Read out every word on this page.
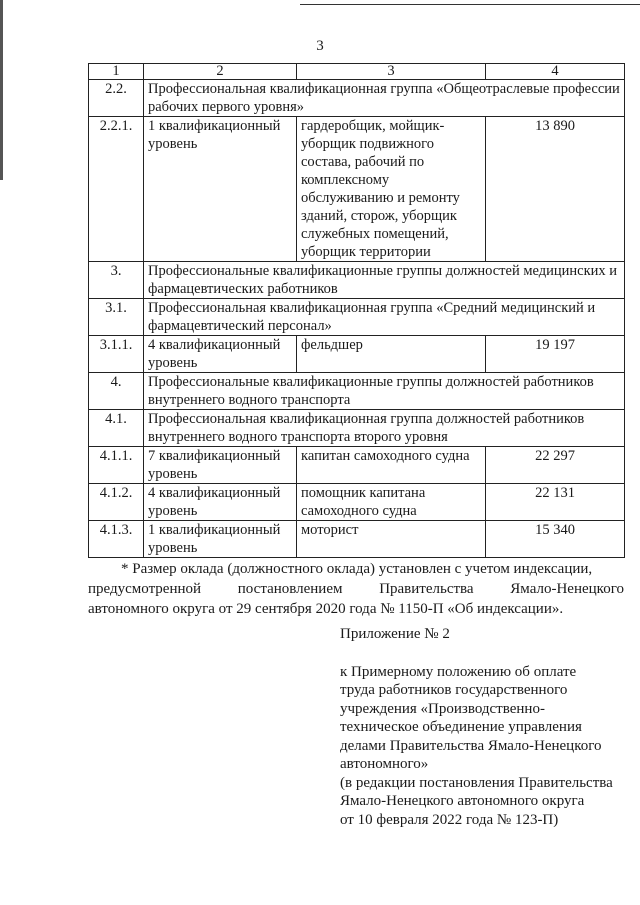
3
1	2	3	4
2.2.	Профессиональная квалификационная группа «Общеотраслевые профессии рабочих первого уровня»		
2.2.1.	1 квалификационный уровень	гардеробщик, мойщик-уборщик подвижного состава, рабочий по комплексному обслуживанию и ремонту зданий, сторож, уборщик служебных помещений, уборщик территории	13 890
3.	Профессиональные квалификационные группы должностей медицинских и фармацевтических работников		
3.1.	Профессиональная квалификационная группа «Средний медицинский и фармацевтический персонал»		
3.1.1.	4 квалификационный уровень	фельдшер	19 197
4.	Профессиональные квалификационные группы должностей работников внутреннего водного транспорта		
4.1.	Профессиональная квалификационная группа должностей работников внутреннего водного транспорта второго уровня		
4.1.1.	7 квалификационный уровень	капитан самоходного судна	22 297
4.1.2.	4 квалификационный уровень	помощник капитана самоходного судна	22 131
4.1.3.	1 квалификационный уровень	моторист	15 340
* Размер оклада (должностного оклада) установлен с учетом индексации,
предусмотренной постановлением Правительства Ямало-Ненецкого
автономного округа от 29 сентября 2020 года № 1150-П «Об индексации».
Приложение № 2
к Примерному положению об оплате
труда работников государственного
учреждения «Производственно-
техническое объединение управления
делами Правительства Ямало-Ненецкого
автономного»
(в редакции постановления Правительства
Ямало-Ненецкого автономного округа
от 10 февраля 2022 года № 123-П)
